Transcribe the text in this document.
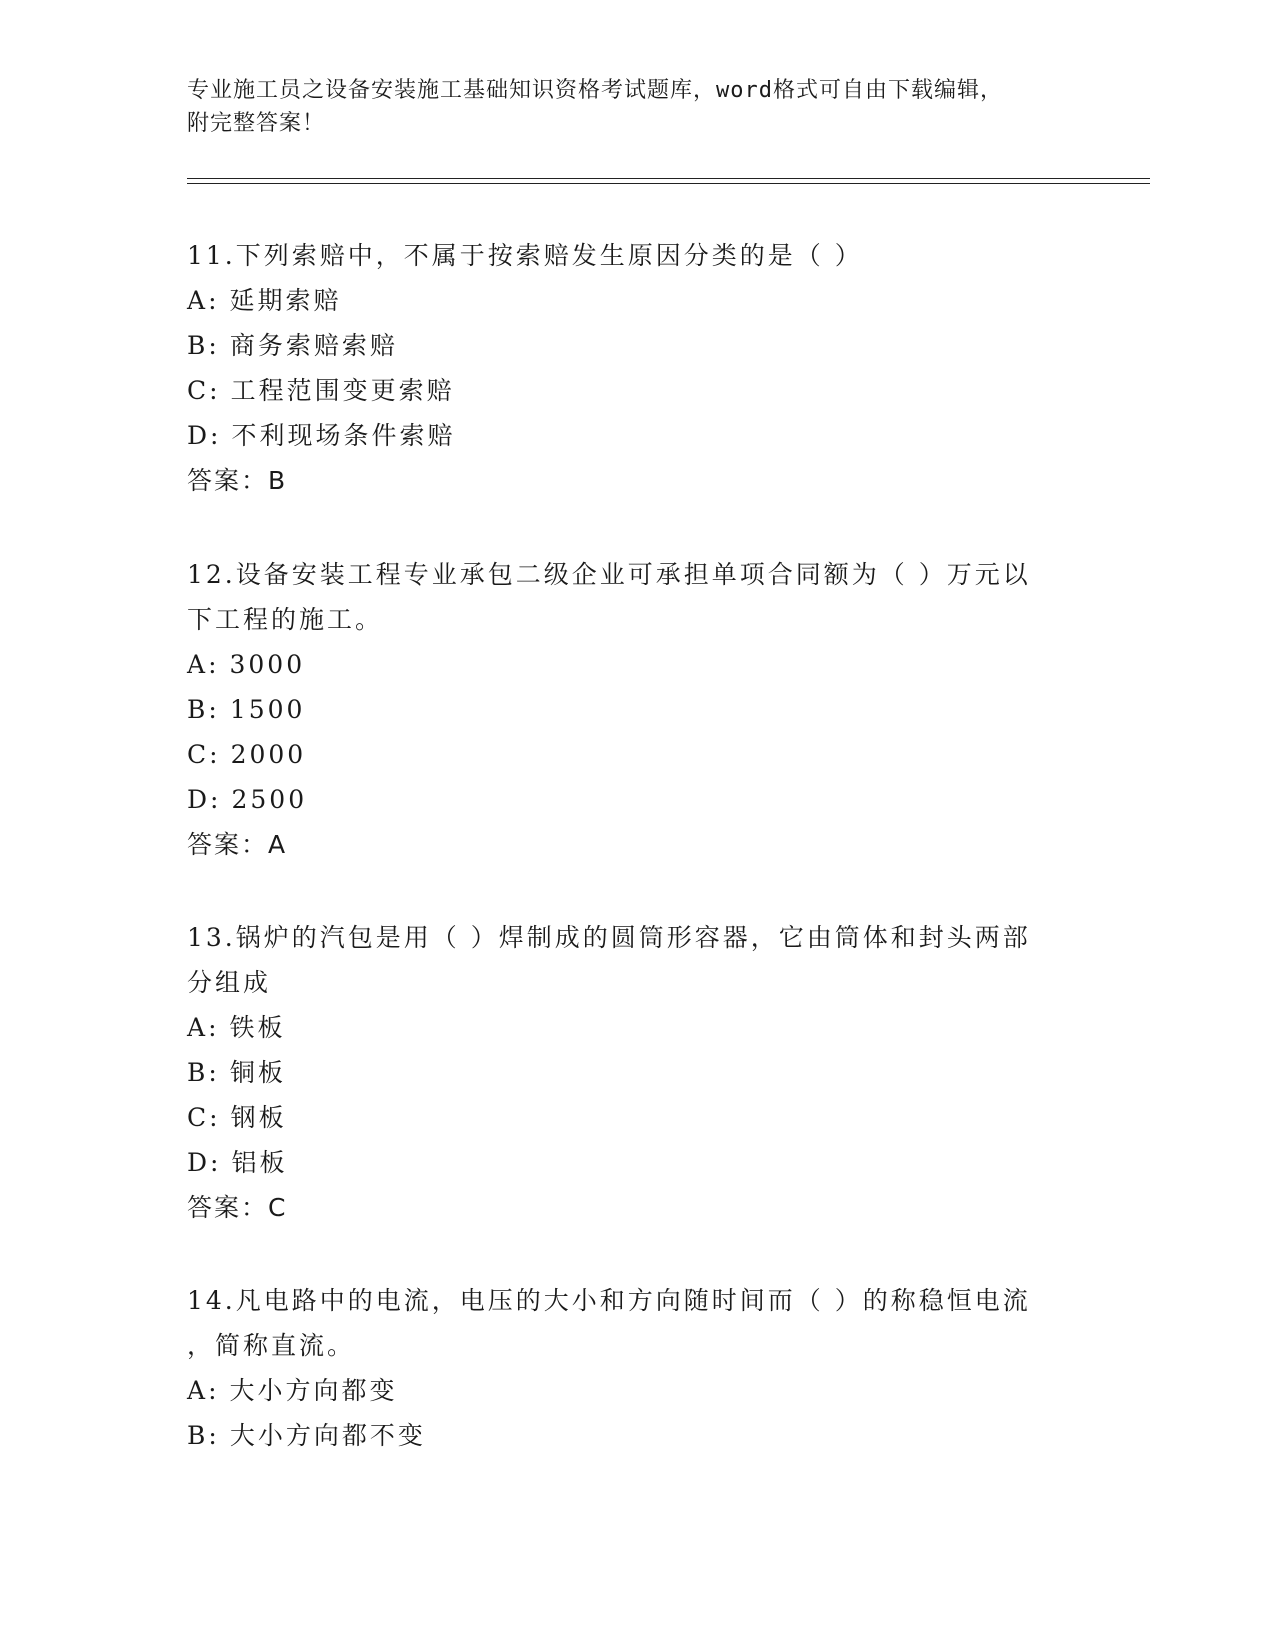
专业施工员之设备安装施工基础知识资格考试题库，word格式可自由下载编辑，
附完整答案！
11.下列索赔中，不属于按索赔发生原因分类的是（ ）
A: 延期索赔
B: 商务索赔索赔
C: 工程范围变更索赔
D: 不利现场条件索赔
答案：B
12.设备安装工程专业承包二级企业可承担单项合同额为（ ）万元以
下工程的施工。
A: 3000
B: 1500
C: 2000
D: 2500
答案：A
13.锅炉的汽包是用（ ）焊制成的圆筒形容器，它由筒体和封头两部
分组成
A: 铁板
B: 铜板
C: 钢板
D: 铝板
答案：C
14.凡电路中的电流，电压的大小和方向随时间而（ ）的称稳恒电流
，简称直流。
A: 大小方向都变
B: 大小方向都不变
